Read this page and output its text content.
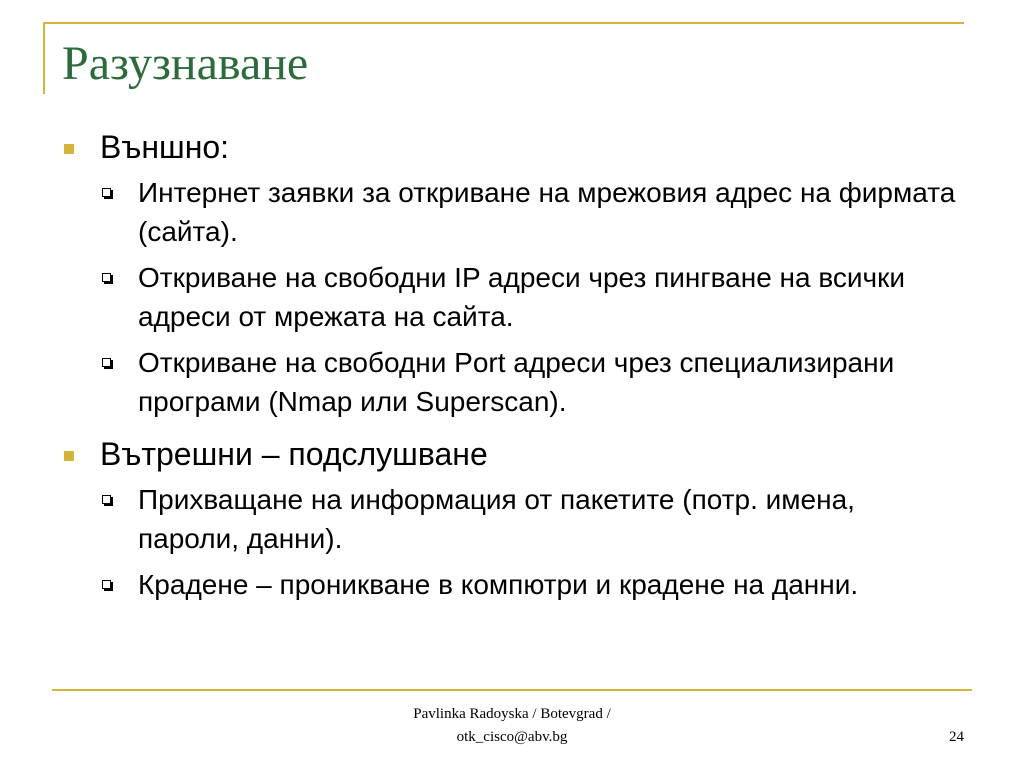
Разузнаване
Външно:
Интернет заявки за откриване на мрежовия адрес на фирмата (сайта).
Откриване на свободни IP адреси чрез пингване на всички адреси от мрежата на сайта.
Откриване на свободни Port адреси чрез специализирани програми (Nmap или Superscan).
Вътрешни – подслушване
Прихващане на информация от пакетите (потр. имена, пароли, данни).
Крадене – проникване в компютри и крадене на данни.
Pavlinka Radoyska / Botevgrad /
otk_cisco@abv.bg	24
